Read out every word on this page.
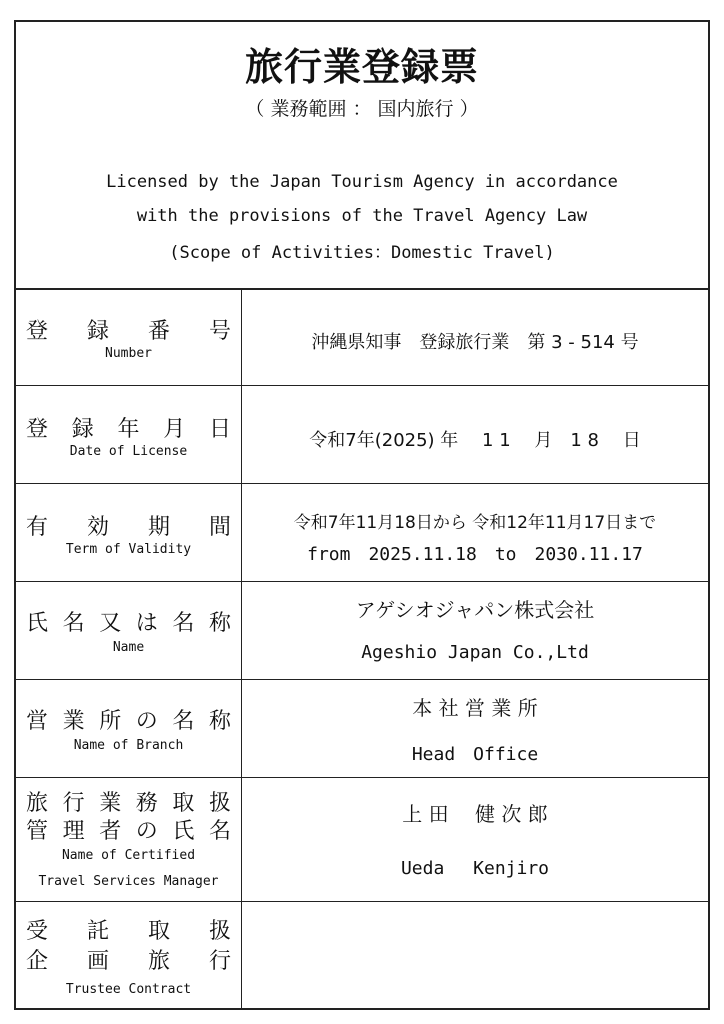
旅行業登録票
（ 業務範囲 ： 国内旅行 ）
Licensed by the Japan Tourism Agency in accordance
with the provisions of the Travel Agency Law
(Scope of Activities：Domestic Travel)
登 録 番 号
Number
沖縄県知事　登録旅行業　第 3 - 514 号
登 録 年 月 日
Date of License
令和7年(2025) 年　 1 1 　月　1 8　 日
有 効 期 間
Term of Validity
令和7年11月18日から 令和12年11月17日まで
from　2025.11.18　to　2030.11.17
氏 名 又 は 名 称
Name
アゲシオジャパン株式会社
Ageshio Japan Co.,Ltd
営 業 所 の 名 称
Name of Branch
本 社 営 業 所
Head　Office
旅 行 業 務 取 扱
管 理 者 の 氏 名
Name of Certified
Travel Services Manager
上 田　 健 次 郎
Ueda　 Kenjiro
受 託 取 扱
企 画 旅 行
Trustee Contract
